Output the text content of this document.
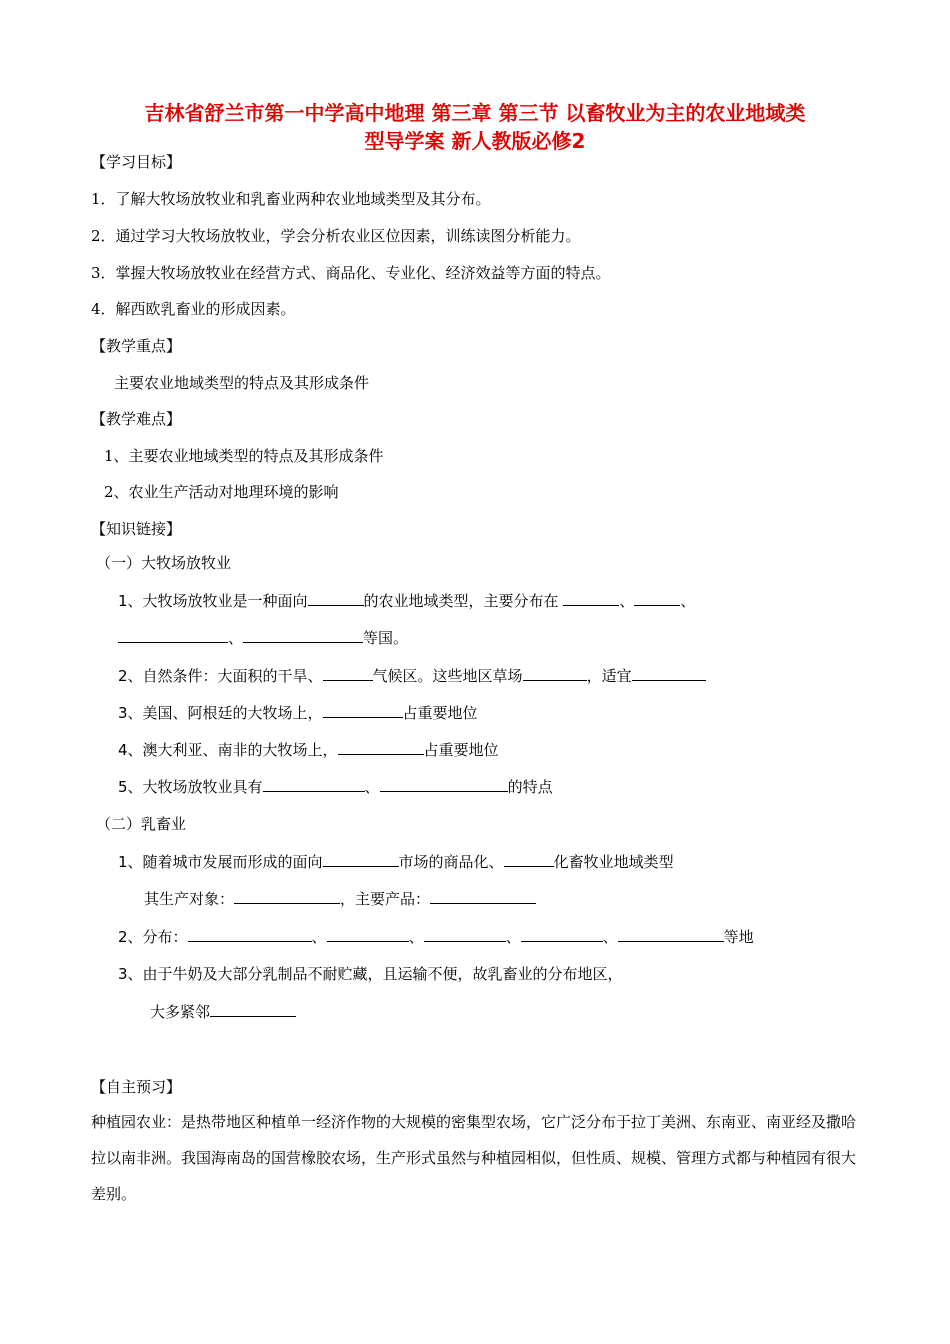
吉林省舒兰市第一中学高中地理 第三章 第三节 以畜牧业为主的农业地域类
型导学案 新人教版必修2
【学习目标】
1．了解大牧场放牧业和乳畜业两种农业地域类型及其分布。
2．通过学习大牧场放牧业，学会分析农业区位因素，训练读图分析能力。
3．掌握大牧场放牧业在经营方式、商品化、专业化、经济效益等方面的特点。
4．解西欧乳畜业的形成因素。
【教学重点】
主要农业地域类型的特点及其形成条件
【教学难点】
1、主要农业地域类型的特点及其形成条件
2、农业生产活动对地理环境的影响
【知识链接】
（一）大牧场放牧业
1、大牧场放牧业是一种面向	的农业地域类型，主要分布在	、	、
、	等国。
2、自然条件：大面积的干旱、	气候区。这些地区草场	，适宜
3、美国、阿根廷的大牧场上，	占重要地位
4、澳大利亚、南非的大牧场上，	占重要地位
5、大牧场放牧业具有	、	的特点
（二）乳畜业
1、随着城市发展而形成的面向	市场的商品化、	化畜牧业地域类型
其生产对象：	，主要产品：
2、分布：	、	、	、	、	等地
3、由于牛奶及大部分乳制品不耐贮藏，且运输不便，故乳畜业的分布地区，
大多紧邻
【自主预习】
种植园农业：是热带地区种植单一经济作物的大规模的密集型农场，它广泛分布于拉丁美洲、东南亚、南亚经及撒哈拉以南非洲。我国海南岛的国营橡胶农场，生产形式虽然与种植园相似，但性质、规模、管理方式都与种植园有很大差别。
